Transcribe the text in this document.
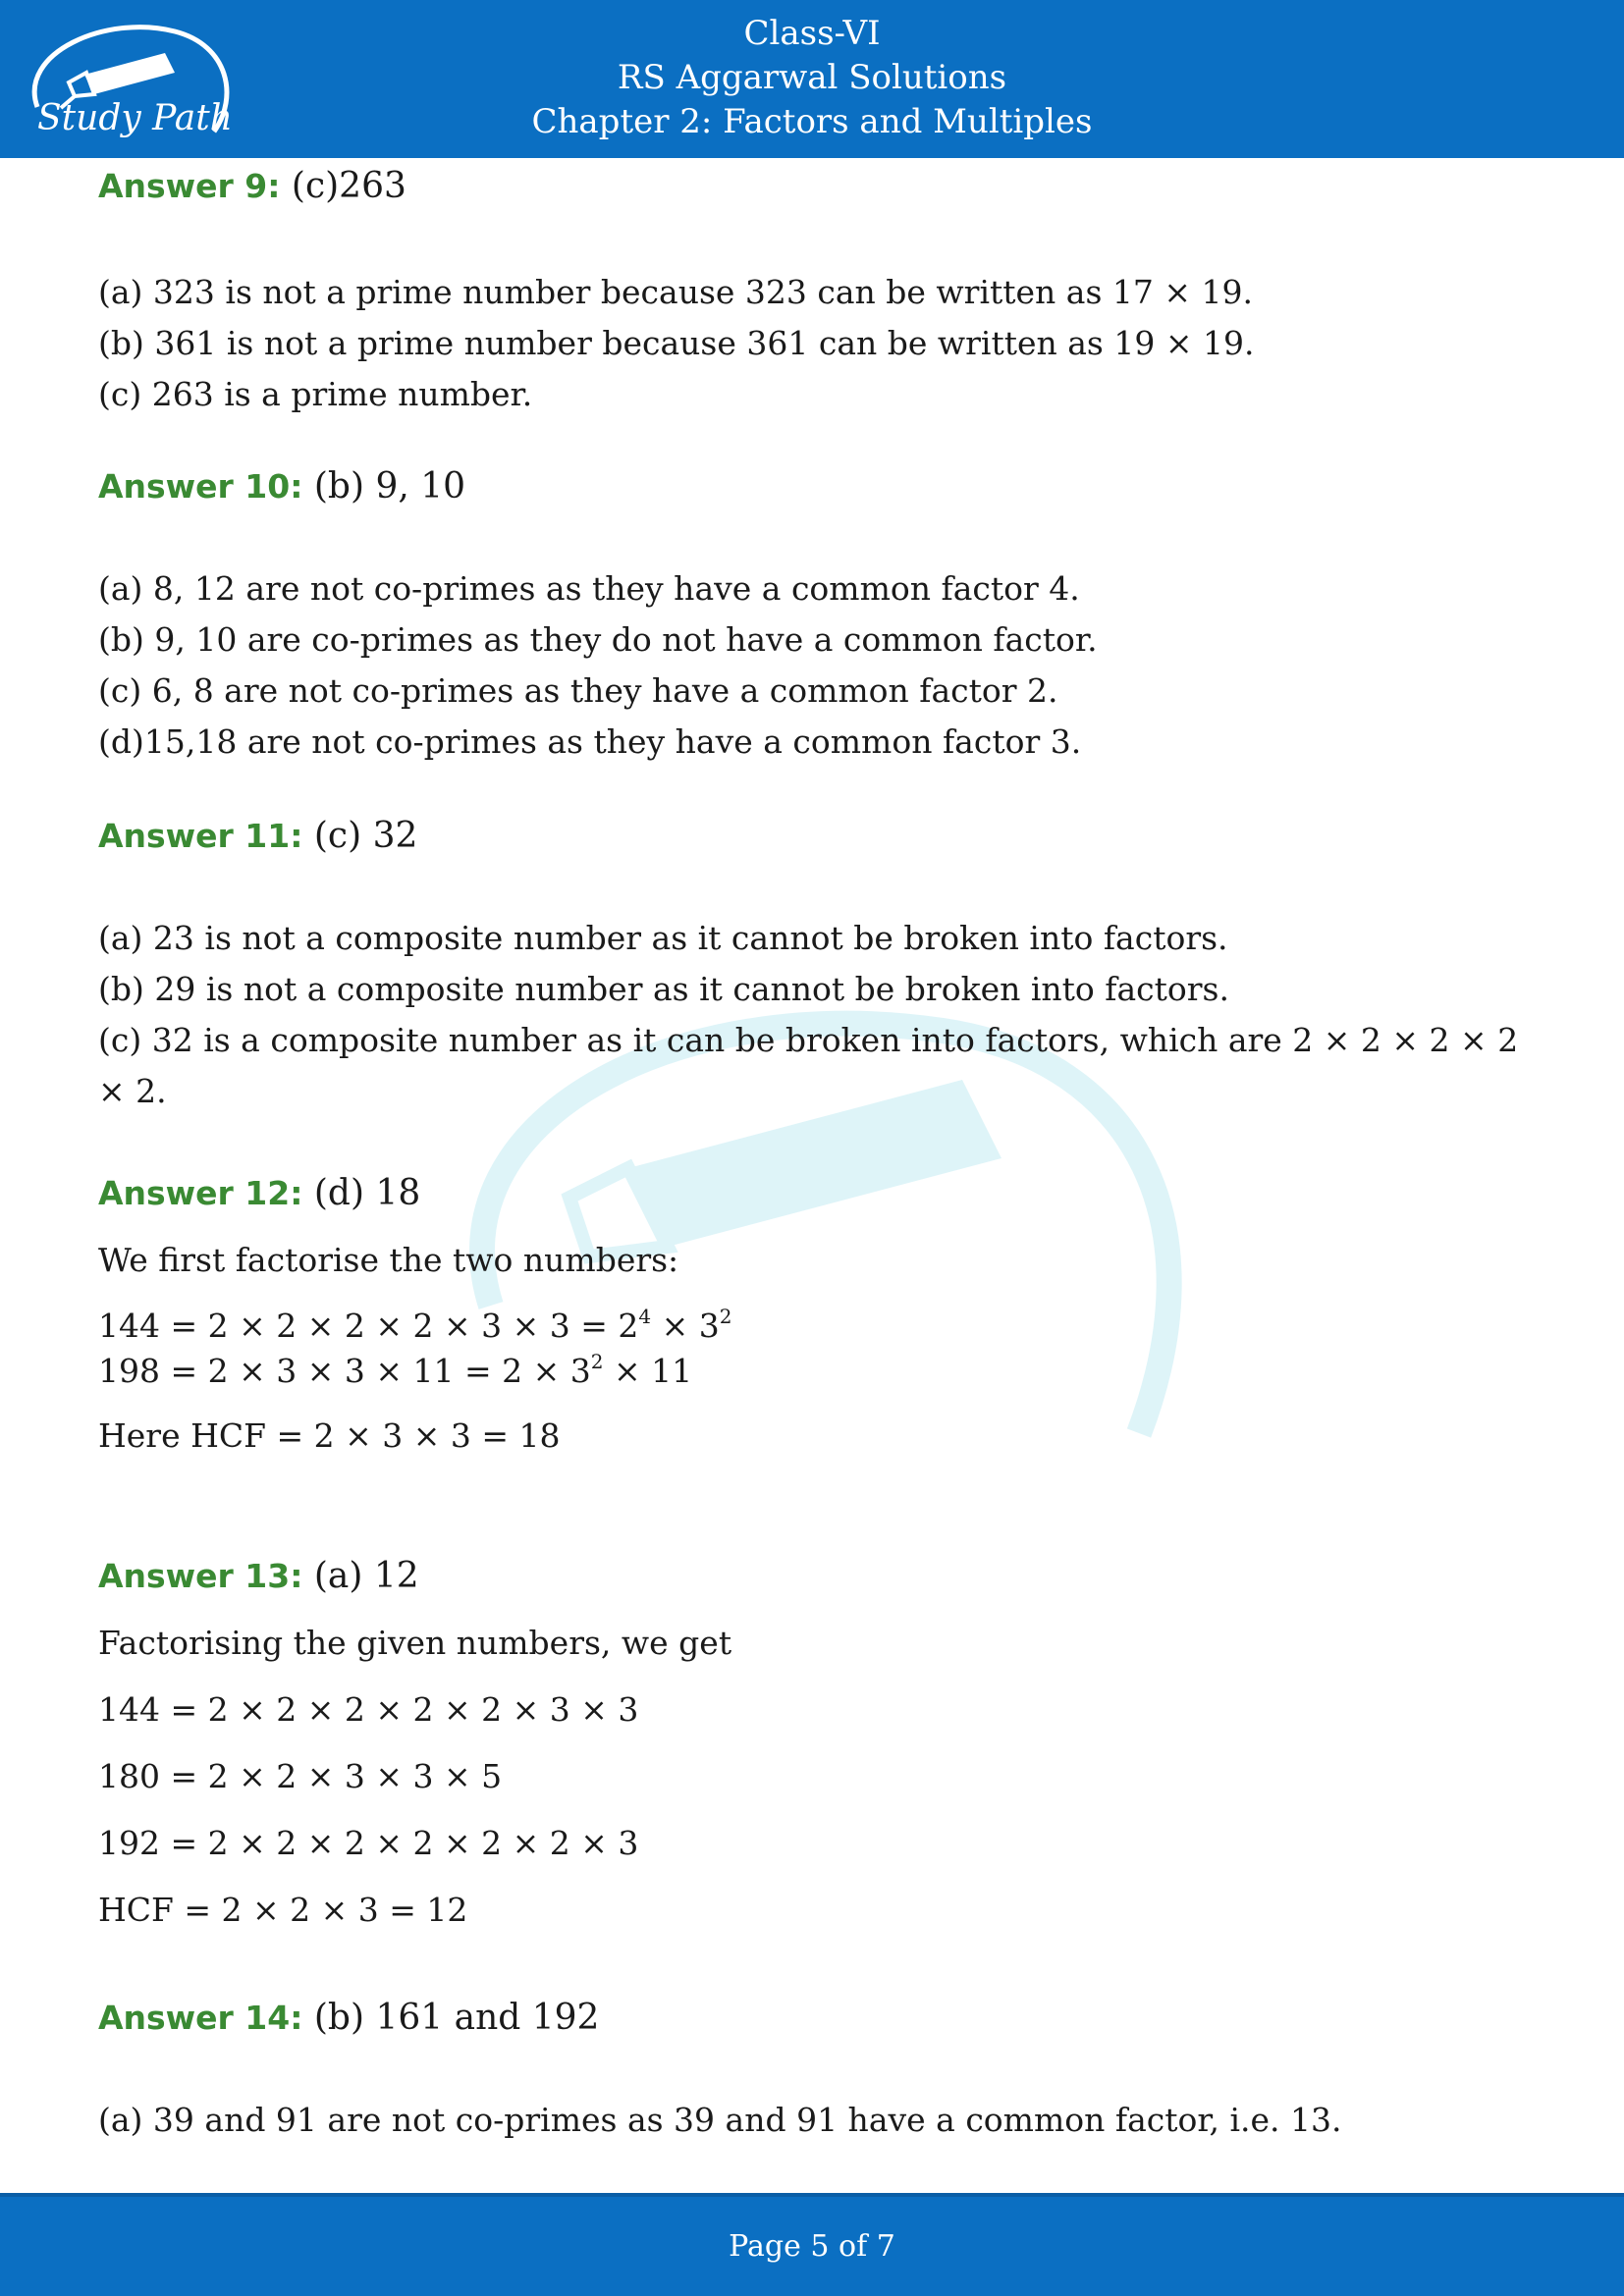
Study Path
Class-VI
RS Aggarwal Solutions
Chapter 2: Factors and Multiples

Answer 9: (c)263

(a) 323 is not a prime number because 323 can be written as 17 × 19.

(b) 361 is not a prime number because 361 can be written as 19 × 19.

(c) 263 is a prime number.

Answer 10: (b) 9, 10

(a) 8, 12 are not co-primes as they have a common factor 4.

(b) 9, 10 are co-primes as they do not have a common factor.

(c) 6, 8 are not co-primes as they have a common factor 2.

(d)15,18 are not co-primes as they have a common factor 3.

Answer 11: (c) 32

(a) 23 is not a composite number as it cannot be broken into factors.

(b) 29 is not a composite number as it cannot be broken into factors.

(c) 32 is a composite number as it can be broken into factors, which are 2 × 2 × 2 × 2 × 2.

Answer 12: (d) 18

We first factorise the two numbers:

$144 = 2 \times 2 \times 2 \times 2 \times 3 \times 3 = 2^4 \times 3^2$

$198 = 2 \times 3 \times 3 \times 11 = 2 \times 3^2 \times 11$

Here HCF = 2 × 3 × 3 = 18

Answer 13: (a) 12

Factorising the given numbers, we get

144 = 2 × 2 × 2 × 2 × 2 × 3 × 3

180 = 2 × 2 × 3 × 3 × 5

192 = 2 × 2 × 2 × 2 × 2 × 2 × 3

HCF = 2 × 2 × 3 = 12

Answer 14: (b) 161 and 192

(a) 39 and 91 are not co-primes as 39 and 91 have a common factor, i.e. 13.

Page 5 of 7
